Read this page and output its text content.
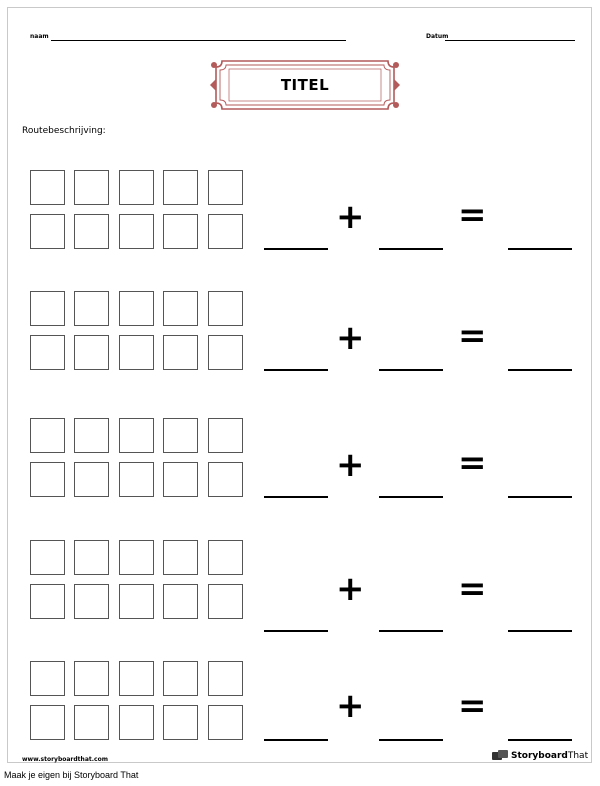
naam	Datum
TITEL
Routebeschrijving:
+	=
+	=
+	=
+	=
+	=
www.storyboardthat.com	StoryboardThat
Maak je eigen bij Storyboard That
